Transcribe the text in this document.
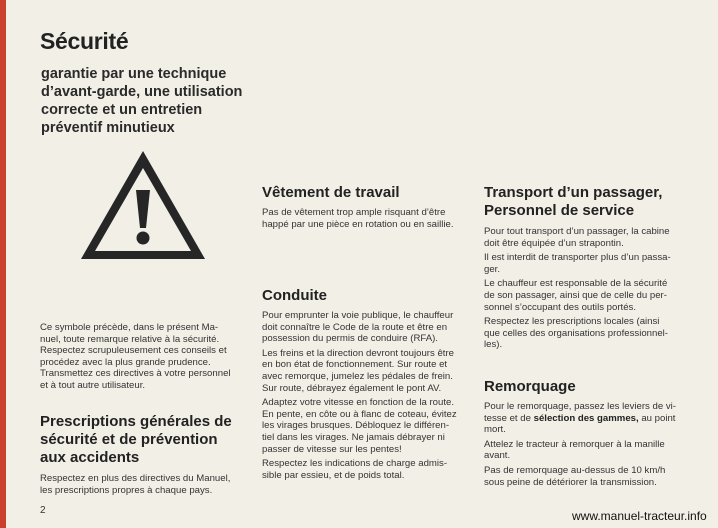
Sécurité
garantie par une technique
d’avant-garde, une utilisation
correcte et un entretien
préventif minutieux
Ce symbole précède, dans le présent Ma-
nuel, toute remarque relative à la sécurité.
Respectez scrupuleusement ces conseils et
procédez avec la plus grande prudence.
Transmettez ces directives à votre personnel
et à tout autre utilisateur.
Prescriptions générales de
sécurité et de prévention
aux accidents
Respectez en plus des directives du Manuel,
les prescriptions propres à chaque pays.
2
Vêtement de travail
Pas de vêtement trop ample risquant d’être
happé par une pièce en rotation ou en saillie.
Conduite

Pour emprunter la voie publique, le chauffeur
doit connaître le Code de la route et être en
possession du permis de conduire (RFA).

Les freins et la direction devront toujours être
en bon état de fonctionnement. Sur route et
avec remorque, jumelez les pédales de frein.
Sur route, débrayez également le pont AV.

Adaptez votre vitesse en fonction de la route.
En pente, en côte ou à flanc de coteau, évitez
les virages brusques. Débloquez le différen-
tiel dans les virages. Ne jamais débrayer ni
passer de vitesse sur les pentes!

Respectez les indications de charge admis-
sible par essieu, et de poids total.

Transport d’un passager,
Personnel de service

Pour tout transport d’un passager, la cabine
doit être équipée d’un strapontin.

Il est interdit de transporter plus d’un passa-
ger.

Le chauffeur est responsable de la sécurité
de son passager, ainsi que de celle du per-
sonnel s’occupant des outils portés.

Respectez les prescriptions locales (ainsi
que celles des organisations professionnel-
les).

Remorquage

Pour le remorquage, passez les leviers de vi-
tesse et de sélection des gammes, au point
mort.

Attelez le tracteur à remorquer à la manille
avant.

Pas de remorquage au-dessus de 10 km/h
sous peine de détériorer la transmission.

www.manuel-tracteur.info
